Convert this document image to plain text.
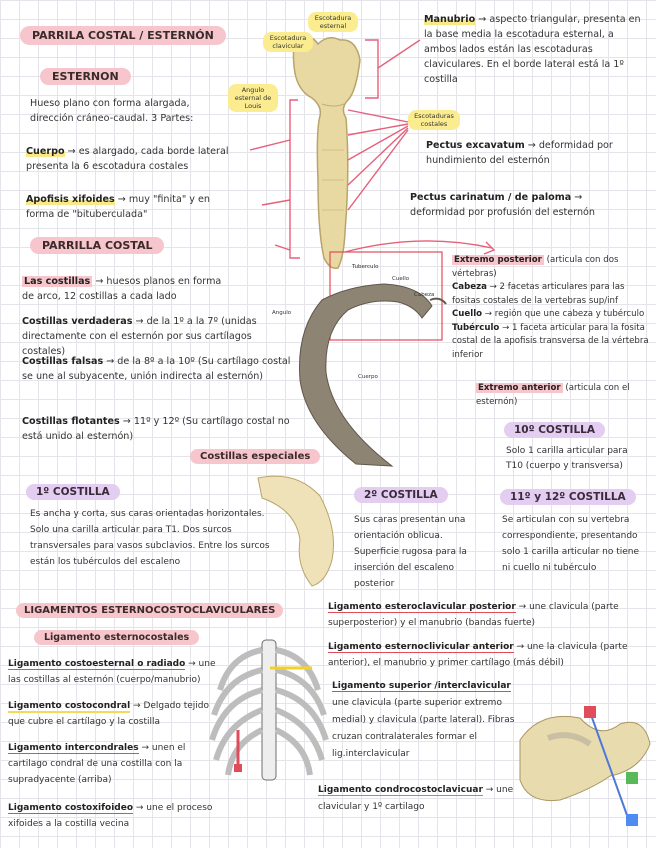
PARRILA COSTAL / ESTERNÓN
Escotadura esternal
Escotadura clavicular
Angulo esternal de Louis
Escotaduras costales
ESTERNON
Hueso plano con forma alargada, dirección cráneo-caudal. 3 Partes:
Cuerpo → es alargado, cada borde lateral presenta la 6 escotadura costales
Apofisis xifoides → muy "finita" y en forma de "bituberculada"
Manubrio → aspecto triangular, presenta en la base media la escotadura esternal, a ambos lados están las escotaduras claviculares. En el borde lateral está la 1º costilla
Pectus excavatum → deformidad por hundimiento del esternón
Pectus carinatum / de paloma → deformidad por profusión del esternón
PARRILLA COSTAL
Las costillas → huesos planos en forma de arco, 12 costillas a cada lado
Costillas verdaderas → de la 1º a la 7º (unidas directamente con el esternón por sus cartílagos costales)
Costillas falsas → de la 8º a la 10º (Su cartílago costal se une al subyacente, unión indirecta al esternón)
Costillas flotantes → 11º y 12º (Su cartílago costal no está unido al esternón)
Tuberculo
Cuello
Cabeza
Angulo
Cuerpo
Extremo posterior (articula con dos vértebras)
Cabeza → 2 facetas articulares para las fositas costales de la vertebras sup/inf
Cuello → región que une cabeza y tubérculo
Tubérculo → 1 faceta articular para la fosita costal de la apofisis transversa de la vértebra inferior
Extremo anterior (articula con el esternón)
Costillas especiales
10º COSTILLA
Solo 1 carilla articular para T10 (cuerpo y transversa)
1º COSTILLA
Es ancha y corta, sus caras orientadas horizontales. Solo una carilla articular para T1. Dos surcos transversales para vasos subclavios. Entre los surcos están los tubérculos del escaleno
2º COSTILLA
Sus caras presentan una orientación oblicua. Superficie rugosa para la inserción del escaleno posterior
11º y 12º COSTILLA
Se articulan con su vertebra correspondiente, presentando solo 1 carilla articular no tiene ni cuello ni tubérculo
LIGAMENTOS ESTERNOCOSTOCLAVICULARES
Ligamento esternocostales
Ligamento costoesternal o radiado → une las costillas al esternón (cuerpo/manubrio)
Ligamento costocondral → Delgado tejido que cubre el cartílago y la costilla
Ligamento intercondrales → unen el cartilago condral de una costilla con la supradyacente (arriba)
Ligamento costoxifoideo → une el proceso xifoides a la costilla vecina
Ligamento esteroclavicular posterior → une clavicula (parte superposterior) y el manubrio (bandas fuerte)
Ligamento esternoclivicular anterior → une la clavicula (parte anterior), el manubrio y primer cartílago (más débil)
Ligamento superior /interclavicular
une clavicula (parte superior extremo medial) y clavicula (parte lateral). Fibras cruzan contralaterales formar el lig.interclavicular
Ligamento condrocostoclavicuar → une clavicular y 1º cartilago
